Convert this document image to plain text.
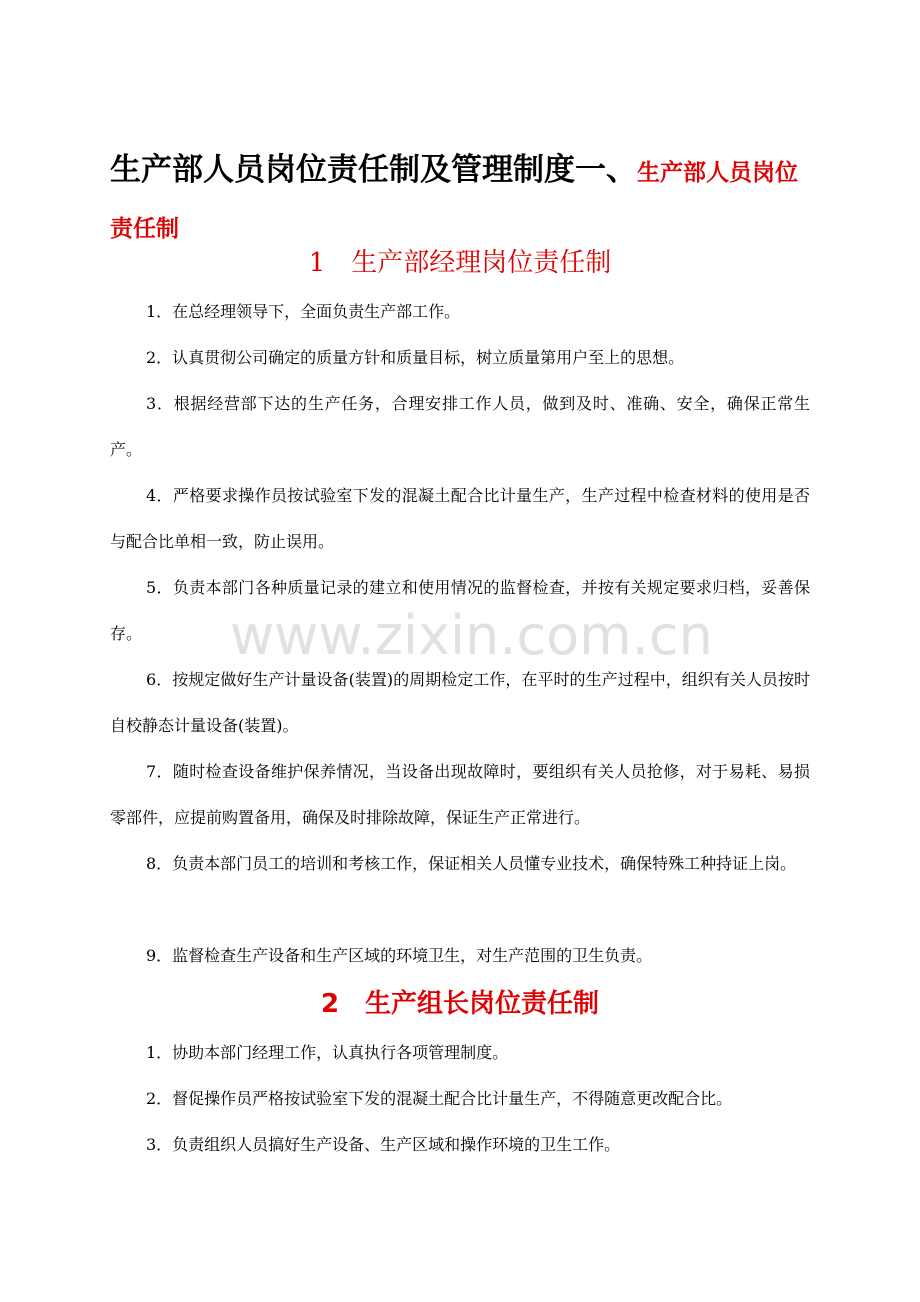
生产部人员岗位责任制及管理制度一、生产部人员岗位责任制
1　生产部经理岗位责任制

1．在总经理领导下，全面负责生产部工作。

2．认真贯彻公司确定的质量方针和质量目标，树立质量第用户至上的思想。

3．根据经营部下达的生产任务，合理安排工作人员，做到及时、准确、安全，确保正常生产。

4．严格要求操作员按试验室下发的混凝土配合比计量生产，生产过程中检查材料的使用是否与配合比单相一致，防止误用。

5．负责本部门各种质量记录的建立和使用情况的监督检查，并按有关规定要求归档，妥善保存。

6．按规定做好生产计量设备(装置)的周期检定工作，在平时的生产过程中，组织有关人员按时自校静态计量设备(装置)。

7．随时检查设备维护保养情况，当设备出现故障时，要组织有关人员抢修，对于易耗、易损零部件，应提前购置备用，确保及时排除故障，保证生产正常进行。

8．负责本部门员工的培训和考核工作，保证相关人员懂专业技术，确保特殊工种持证上岗。

9．监督检查生产设备和生产区域的环境卫生，对生产范围的卫生负责。

2　生产组长岗位责任制

1．协助本部门经理工作，认真执行各项管理制度。

2．督促操作员严格按试验室下发的混凝土配合比计量生产，不得随意更改配合比。

3．负责组织人员搞好生产设备、生产区域和操作环境的卫生工作。

www.zixin.com.cn
